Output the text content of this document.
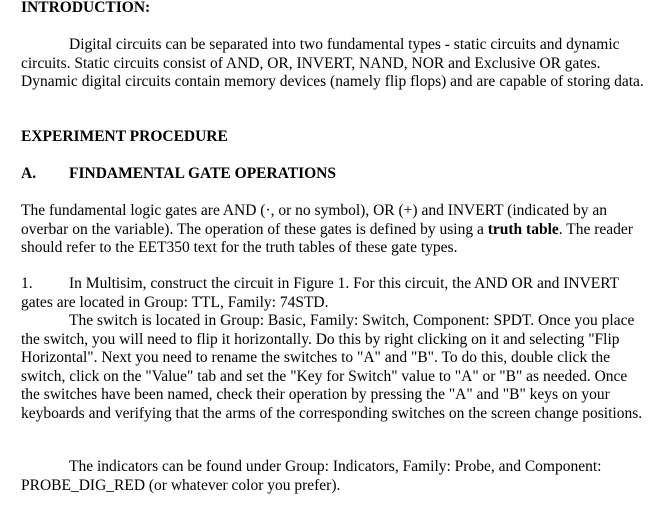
INTRODUCTION:

Digital circuits can be separated into two fundamental types - static circuits and dynamic circuits. Static circuits consist of AND, OR, INVERT, NAND, NOR and Exclusive OR gates. Dynamic digital circuits contain memory devices (namely flip flops) and are capable of storing data.

EXPERIMENT PROCEDURE

A. FINDAMENTAL GATE OPERATIONS

The fundamental logic gates are AND (·, or no symbol), OR (+) and INVERT (indicated by an overbar on the variable). The operation of these gates is defined by using a truth table. The reader should refer to the EET350 text for the truth tables of these gate types.

1. In Multisim, construct the circuit in Figure 1. For this circuit, the AND OR and INVERT gates are located in Group: TTL, Family: 74STD.

The switch is located in Group: Basic, Family: Switch, Component: SPDT. Once you place the switch, you will need to flip it horizontally. Do this by right clicking on it and selecting "Flip Horizontal". Next you need to rename the switches to "A" and "B". To do this, double click the switch, click on the "Value" tab and set the "Key for Switch" value to "A" or "B" as needed. Once the switches have been named, check their operation by pressing the "A" and "B" keys on your keyboards and verifying that the arms of the corresponding switches on the screen change positions.

The indicators can be found under Group: Indicators, Family: Probe, and Component: PROBE_DIG_RED (or whatever color you prefer).
